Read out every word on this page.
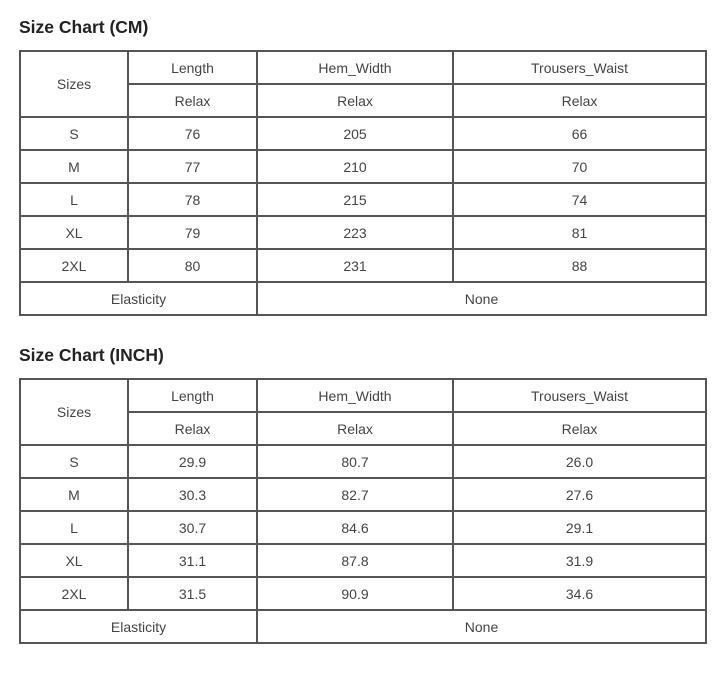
Size Chart (CM)
Sizes	Length	Hem_Width	Trousers_Waist
	Relax	Relax	Relax
S	76	205	66
M	77	210	70
L	78	215	74
XL	79	223	81
2XL	80	231	88
Elasticity		None	
Size Chart (INCH)
Sizes	Length	Hem_Width	Trousers_Waist
	Relax	Relax	Relax
S	29.9	80.7	26.0
M	30.3	82.7	27.6
L	30.7	84.6	29.1
XL	31.1	87.8	31.9
2XL	31.5	90.9	34.6
Elasticity		None	
